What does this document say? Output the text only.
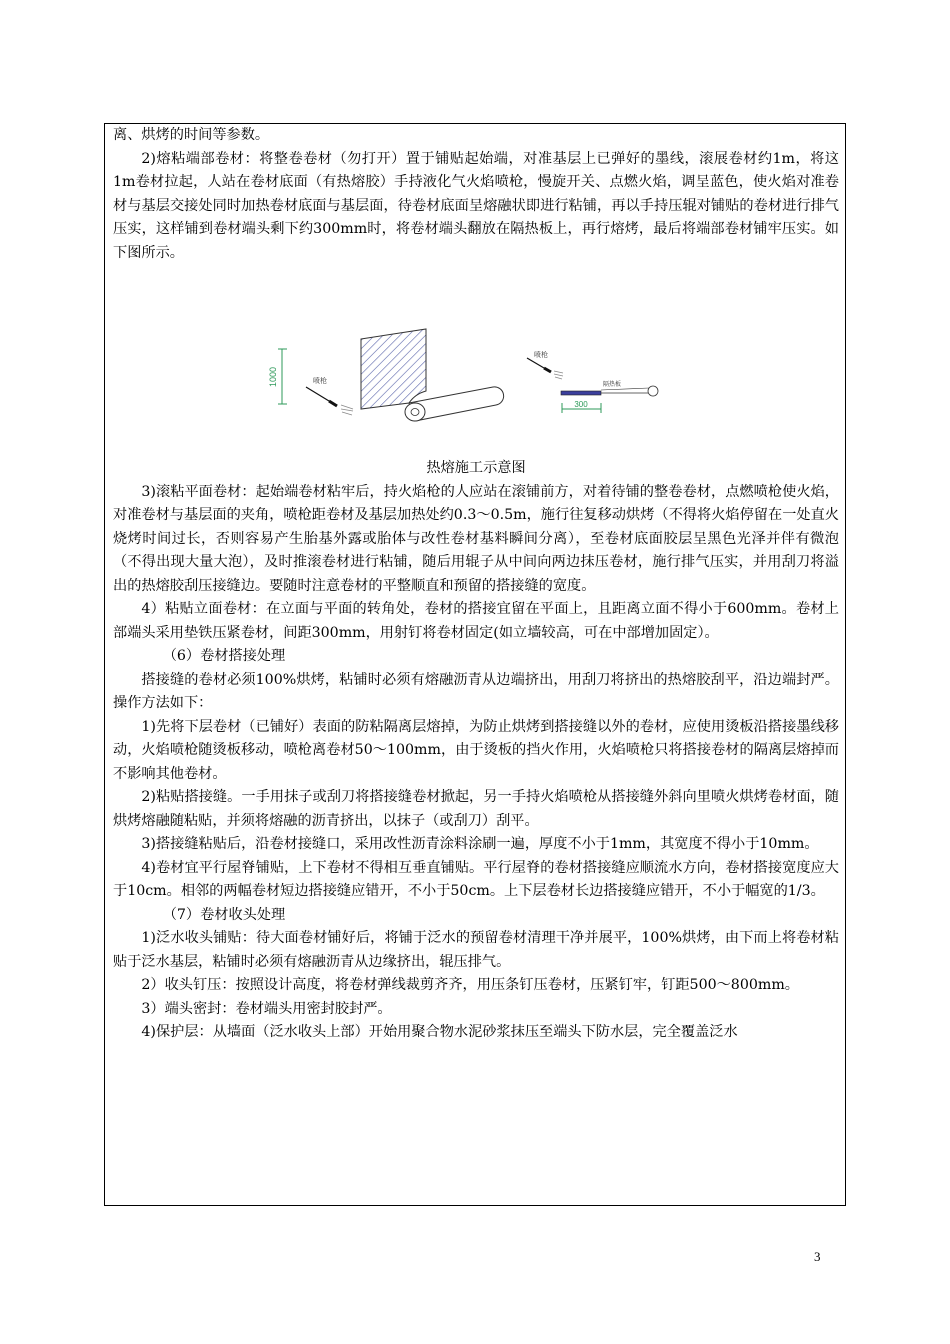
离、烘烤的时间等参数。

2)熔粘端部卷材：将整卷卷材（勿打开）置于铺贴起始端，对准基层上已弹好的墨线，滚展卷材约1m，将这1m卷材拉起，人站在卷材底面（有热熔胶）手持液化气火焰喷枪，慢旋开关、点燃火焰，调呈蓝色，使火焰对准卷材与基层交接处同时加热卷材底面与基层面，待卷材底面呈熔融状即进行粘铺，再以手持压辊对铺贴的卷材进行排气压实，这样铺到卷材端头剩下约300mm时，将卷材端头翻放在隔热板上，再行熔烤，最后将端部卷材铺牢压实。如下图所示。

1000	喷枪
喷枪
隔热板
300

热熔施工示意图

3)滚粘平面卷材：起始端卷材粘牢后，持火焰枪的人应站在滚铺前方，对着待铺的整卷卷材，点燃喷枪使火焰，对准卷材与基层面的夹角，喷枪距卷材及基层加热处约0.3～0.5m，施行往复移动烘烤（不得将火焰停留在一处直火烧烤时间过长，否则容易产生胎基外露或胎体与改性卷材基料瞬间分离），至卷材底面胶层呈黑色光泽并伴有微泡（不得出现大量大泡），及时推滚卷材进行粘铺，随后用辊子从中间向两边抹压卷材，施行排气压实，并用刮刀将溢出的热熔胶刮压接缝边。要随时注意卷材的平整顺直和预留的搭接缝的宽度。

4）粘贴立面卷材：在立面与平面的转角处，卷材的搭接宜留在平面上，且距离立面不得小于600mm。卷材上部端头采用垫铁压紧卷材，间距300mm，用射钉将卷材固定(如立墙较高，可在中部增加固定）。

（6）卷材搭接处理

搭接缝的卷材必须100%烘烤，粘铺时必须有熔融沥青从边端挤出，用刮刀将挤出的热熔胶刮平，沿边端封严。操作方法如下：

1)先将下层卷材（已铺好）表面的防粘隔离层熔掉，为防止烘烤到搭接缝以外的卷材，应使用烫板沿搭接墨线移动，火焰喷枪随烫板移动，喷枪离卷材50～100mm，由于烫板的挡火作用，火焰喷枪只将搭接卷材的隔离层熔掉而不影响其他卷材。

2)粘贴搭接缝。一手用抹子或刮刀将搭接缝卷材掀起，另一手持火焰喷枪从搭接缝外斜向里喷火烘烤卷材面，随烘烤熔融随粘贴，并须将熔融的沥青挤出，以抹子（或刮刀）刮平。

3)搭接缝粘贴后，沿卷材接缝口，采用改性沥青涂料涂刷一遍，厚度不小于1mm，其宽度不得小于10mm。

4)卷材宜平行屋脊铺贴，上下卷材不得相互垂直铺贴。平行屋脊的卷材搭接缝应顺流水方向，卷材搭接宽度应大于10cm。相邻的两幅卷材短边搭接缝应错开，不小于50cm。上下层卷材长边搭接缝应错开，不小于幅宽的1/3。

（7）卷材收头处理

1)泛水收头铺贴：待大面卷材铺好后，将铺于泛水的预留卷材清理干净并展平，100%烘烤，由下而上将卷材粘贴于泛水基层，粘铺时必须有熔融沥青从边缘挤出，辊压排气。

2）收头钉压：按照设计高度，将卷材弹线裁剪齐齐，用压条钉压卷材，压紧钉牢，钉距500～800mm。

3）端头密封：卷材端头用密封胶封严。

4)保护层：从墙面（泛水收头上部）开始用聚合物水泥砂浆抹压至端头下防水层，完全覆盖泛水

3
